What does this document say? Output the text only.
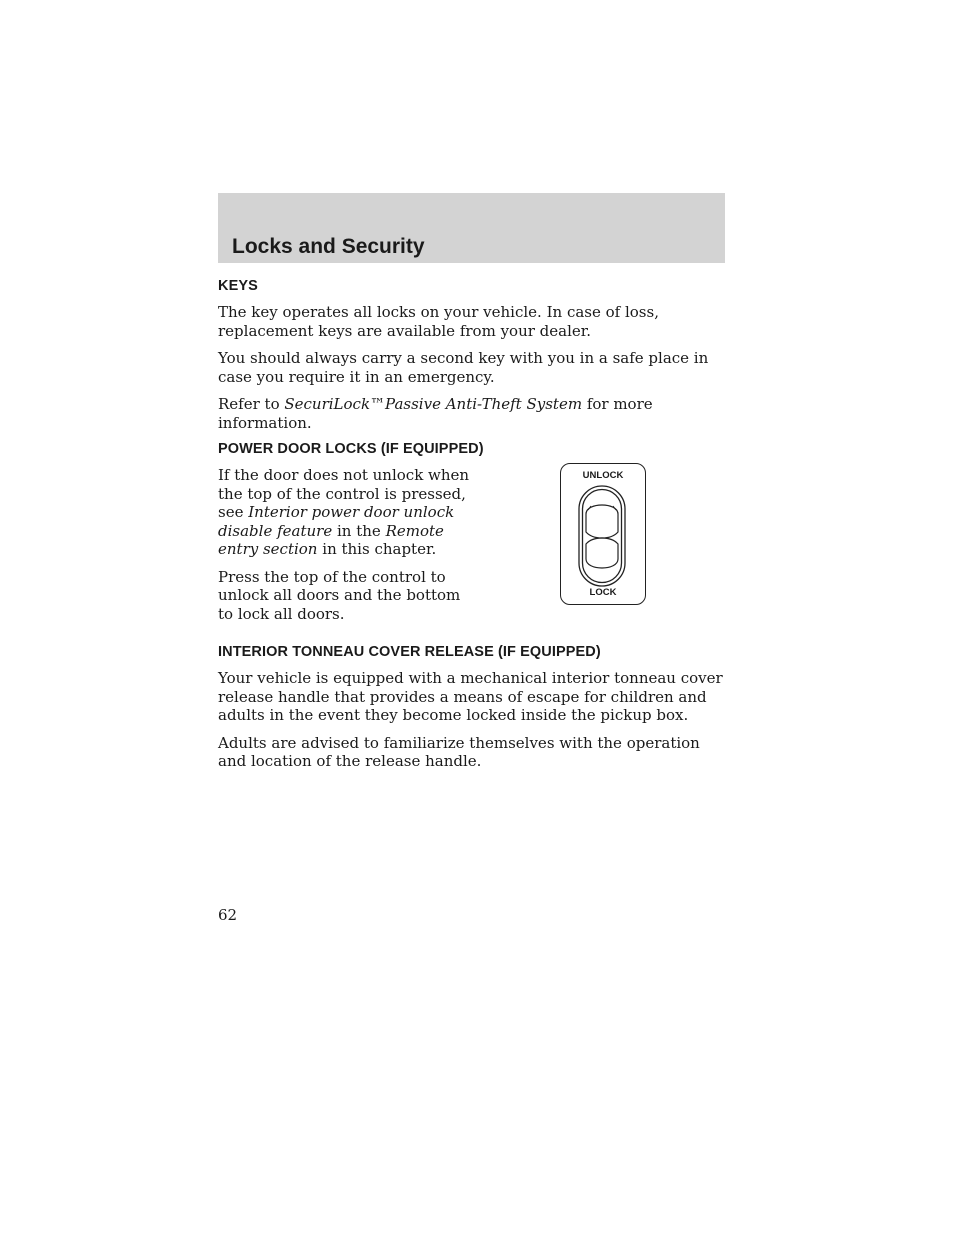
Locks and Security
KEYS

The key operates all locks on your vehicle. In case of loss, replacement keys are available from your dealer.

You should always carry a second key with you in a safe place in case you require it in an emergency.

Refer to SecuriLock™Passive Anti-Theft System for more information.

POWER DOOR LOCKS (IF EQUIPPED)

If the door does not unlock when the top of the control is pressed, see Interior power door unlock disable feature in the Remote entry section in this chapter.

Press the top of the control to unlock all doors and the bottom to lock all doors.

UNLOCK
LOCK
INTERIOR TONNEAU COVER RELEASE (IF EQUIPPED)

Your vehicle is equipped with a mechanical interior tonneau cover release handle that provides a means of escape for children and adults in the event they become locked inside the pickup box.

Adults are advised to familiarize themselves with the operation and location of the release handle.

62
